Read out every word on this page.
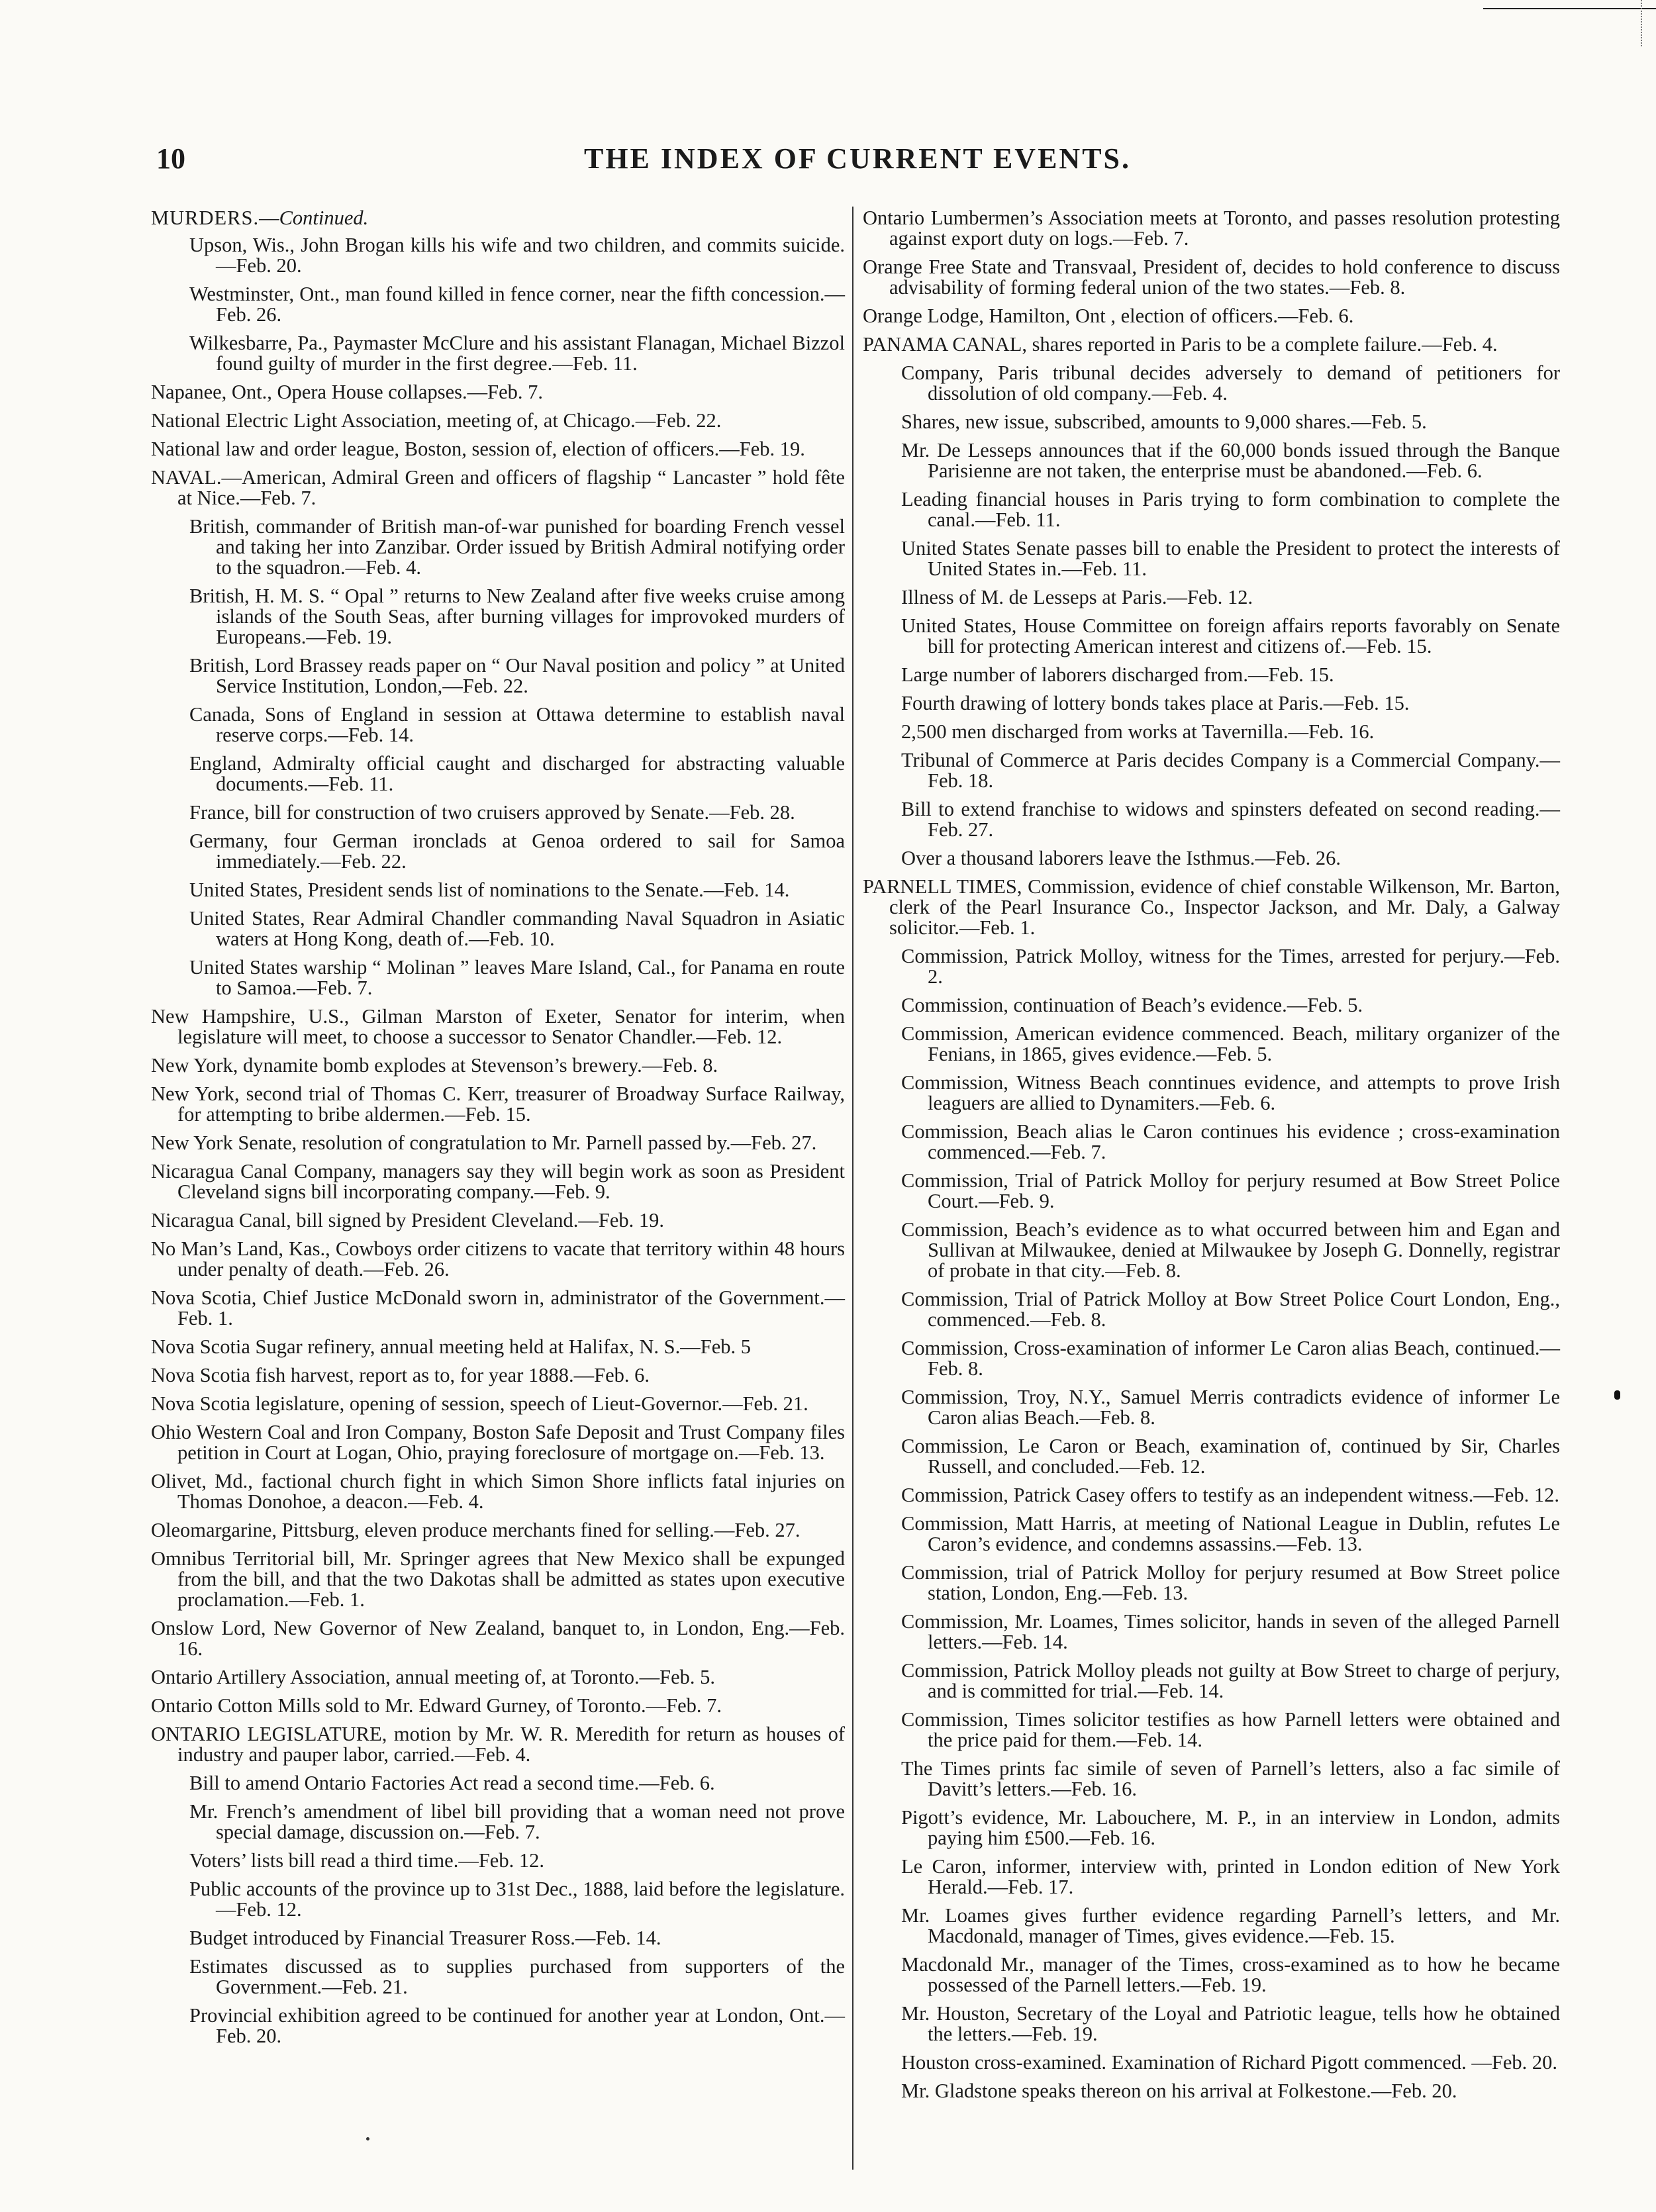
10	THE INDEX OF CURRENT EVENTS.
MURDERS.—Continued.
Upson, Wis., John Brogan kills his wife and two children, and commits suicide.—Feb. 20.
Westminster, Ont., man found killed in fence corner, near the fifth concession.—Feb. 26.
Wilkesbarre, Pa., Paymaster McClure and his assistant Flanagan, Michael Bizzol found guilty of murder in the first degree.—Feb. 11.
Napanee, Ont., Opera House collapses.—Feb. 7.
National Electric Light Association, meeting of, at Chicago.—Feb. 22.
National law and order league, Boston, session of, election of officers.—Feb. 19.
NAVAL.—American, Admiral Green and officers of flagship “ Lancaster ” hold fête at Nice.—Feb. 7.
British, commander of British man-of-war punished for boarding French vessel and taking her into Zanzibar. Order issued by British Admiral notifying order to the squadron.—Feb. 4.
British, H. M. S. “ Opal ” returns to New Zealand after five weeks cruise among islands of the South Seas, after burning villages for improvoked murders of Europeans.—Feb. 19.
British, Lord Brassey reads paper on “ Our Naval position and policy ” at United Service Institution, London,—Feb. 22.
Canada, Sons of England in session at Ottawa determine to establish naval reserve corps.—Feb. 14.
England, Admiralty official caught and discharged for abstracting valuable documents.—Feb. 11.
France, bill for construction of two cruisers approved by Senate.—Feb. 28.
Germany, four German ironclads at Genoa ordered to sail for Samoa immediately.—Feb. 22.
United States, President sends list of nominations to the Senate.—Feb. 14.
United States, Rear Admiral Chandler commanding Naval Squadron in Asiatic waters at Hong Kong, death of.—Feb. 10.
United States warship “ Molinan ” leaves Mare Island, Cal., for Panama en route to Samoa.—Feb. 7.
New Hampshire, U.S., Gilman Marston of Exeter, Senator for interim, when legislature will meet, to choose a successor to Senator Chandler.—Feb. 12.
New York, dynamite bomb explodes at Stevenson’s brewery.—Feb. 8.
New York, second trial of Thomas C. Kerr, treasurer of Broadway Surface Railway, for attempting to bribe aldermen.—Feb. 15.
New York Senate, resolution of congratulation to Mr. Parnell passed by.—Feb. 27.
Nicaragua Canal Company, managers say they will begin work as soon as President Cleveland signs bill incorporating company.—Feb. 9.
Nicaragua Canal, bill signed by President Cleveland.—Feb. 19.
No Man’s Land, Kas., Cowboys order citizens to vacate that territory within 48 hours under penalty of death.—Feb. 26.
Nova Scotia, Chief Justice McDonald sworn in, administrator of the Government.—Feb. 1.
Nova Scotia Sugar refinery, annual meeting held at Halifax, N. S.—Feb. 5
Nova Scotia fish harvest, report as to, for year 1888.—Feb. 6.
Nova Scotia legislature, opening of session, speech of Lieut-Governor.—Feb. 21.
Ohio Western Coal and Iron Company, Boston Safe Deposit and Trust Company files petition in Court at Logan, Ohio, praying foreclosure of mortgage on.—Feb. 13.
Olivet, Md., factional church fight in which Simon Shore inflicts fatal injuries on Thomas Donohoe, a deacon.—Feb. 4.
Oleomargarine, Pittsburg, eleven produce merchants fined for selling.—Feb. 27.
Omnibus Territorial bill, Mr. Springer agrees that New Mexico shall be expunged from the bill, and that the two Dakotas shall be admitted as states upon executive proclamation.—Feb. 1.
Onslow Lord, New Governor of New Zealand, banquet to, in London, Eng.—Feb. 16.
Ontario Artillery Association, annual meeting of, at Toronto.—Feb. 5.
Ontario Cotton Mills sold to Mr. Edward Gurney, of Toronto.—Feb. 7.
ONTARIO LEGISLATURE, motion by Mr. W. R. Meredith for return as houses of industry and pauper labor, carried.—Feb. 4.
Bill to amend Ontario Factories Act read a second time.—Feb. 6.
Mr. French’s amendment of libel bill providing that a woman need not prove special damage, discussion on.—Feb. 7.
Voters’ lists bill read a third time.—Feb. 12.
Public accounts of the province up to 31st Dec., 1888, laid before the legislature.—Feb. 12.
Budget introduced by Financial Treasurer Ross.—Feb. 14.
Estimates discussed as to supplies purchased from supporters of the Government.—Feb. 21.
Provincial exhibition agreed to be continued for another year at London, Ont.—Feb. 20.
Ontario Lumbermen’s Association meets at Toronto, and passes resolution protesting against export duty on logs.—Feb. 7.
Orange Free State and Transvaal, President of, decides to hold conference to discuss advisability of forming federal union of the two states.—Feb. 8.
Orange Lodge, Hamilton, Ont , election of officers.—Feb. 6.
PANAMA CANAL, shares reported in Paris to be a complete failure.—Feb. 4.
Company, Paris tribunal decides adversely to demand of petitioners for dissolution of old company.—Feb. 4.
Shares, new issue, subscribed, amounts to 9,000 shares.—Feb. 5.
Mr. De Lesseps announces that if the 60,000 bonds issued through the Banque Parisienne are not taken, the enterprise must be abandoned.—Feb. 6.
Leading financial houses in Paris trying to form combination to complete the canal.—Feb. 11.
United States Senate passes bill to enable the President to protect the interests of United States in.—Feb. 11.
Illness of M. de Lesseps at Paris.—Feb. 12.
United States, House Committee on foreign affairs reports favorably on Senate bill for protecting American interest and citizens of.—Feb. 15.
Large number of laborers discharged from.—Feb. 15.
Fourth drawing of lottery bonds takes place at Paris.—Feb. 15.
2,500 men discharged from works at Tavernilla.—Feb. 16.
Tribunal of Commerce at Paris decides Company is a Commercial Company.—Feb. 18.
Bill to extend franchise to widows and spinsters defeated on second reading.—Feb. 27.
Over a thousand laborers leave the Isthmus.—Feb. 26.
PARNELL TIMES, Commission, evidence of chief constable Wilkenson, Mr. Barton, clerk of the Pearl Insurance Co., Inspector Jackson, and Mr. Daly, a Galway solicitor.—Feb. 1.
Commission, Patrick Molloy, witness for the Times, arrested for perjury.—Feb. 2.
Commission, continuation of Beach’s evidence.—Feb. 5.
Commission, American evidence commenced. Beach, military organizer of the Fenians, in 1865, gives evidence.—Feb. 5.
Commission, Witness Beach conntinues evidence, and attempts to prove Irish leaguers are allied to Dynamiters.—Feb. 6.
Commission, Beach alias le Caron continues his evidence ; cross-examination commenced.—Feb. 7.
Commission, Trial of Patrick Molloy for perjury resumed at Bow Street Police Court.—Feb. 9.
Commission, Beach’s evidence as to what occurred between him and Egan and Sullivan at Milwaukee, denied at Milwaukee by Joseph G. Donnelly, registrar of probate in that city.—Feb. 8.
Commission, Trial of Patrick Molloy at Bow Street Police Court London, Eng., commenced.—Feb. 8.
Commission, Cross-examination of informer Le Caron alias Beach, continued.—Feb. 8.
Commission, Troy, N.Y., Samuel Merris contradicts evidence of informer Le Caron alias Beach.—Feb. 8.
Commission, Le Caron or Beach, examination of, continued by Sir, Charles Russell, and concluded.—Feb. 12.
Commission, Patrick Casey offers to testify as an independent witness.—Feb. 12.
Commission, Matt Harris, at meeting of National League in Dublin, refutes Le Caron’s evidence, and condemns assassins.—Feb. 13.
Commission, trial of Patrick Molloy for perjury resumed at Bow Street police station, London, Eng.—Feb. 13.
Commission, Mr. Loames, Times solicitor, hands in seven of the alleged Parnell letters.—Feb. 14.
Commission, Patrick Molloy pleads not guilty at Bow Street to charge of perjury, and is committed for trial.—Feb. 14.
Commission, Times solicitor testifies as how Parnell letters were obtained and the price paid for them.—Feb. 14.
The Times prints fac simile of seven of Parnell’s letters, also a fac simile of Davitt’s letters.—Feb. 16.
Pigott’s evidence, Mr. Labouchere, M. P., in an interview in London, admits paying him £500.—Feb. 16.
Le Caron, informer, interview with, printed in London edition of New York Herald.—Feb. 17.
Mr. Loames gives further evidence regarding Parnell’s letters, and Mr. Macdonald, manager of Times, gives evidence.—Feb. 15.
Macdonald Mr., manager of the Times, cross-examined as to how he became possessed of the Parnell letters.—Feb. 19.
Mr. Houston, Secretary of the Loyal and Patriotic league, tells how he obtained the letters.—Feb. 19.
Houston cross-examined. Examination of Richard Pigott commenced. —Feb. 20.
Mr. Gladstone speaks thereon on his arrival at Folkestone.—Feb. 20.
